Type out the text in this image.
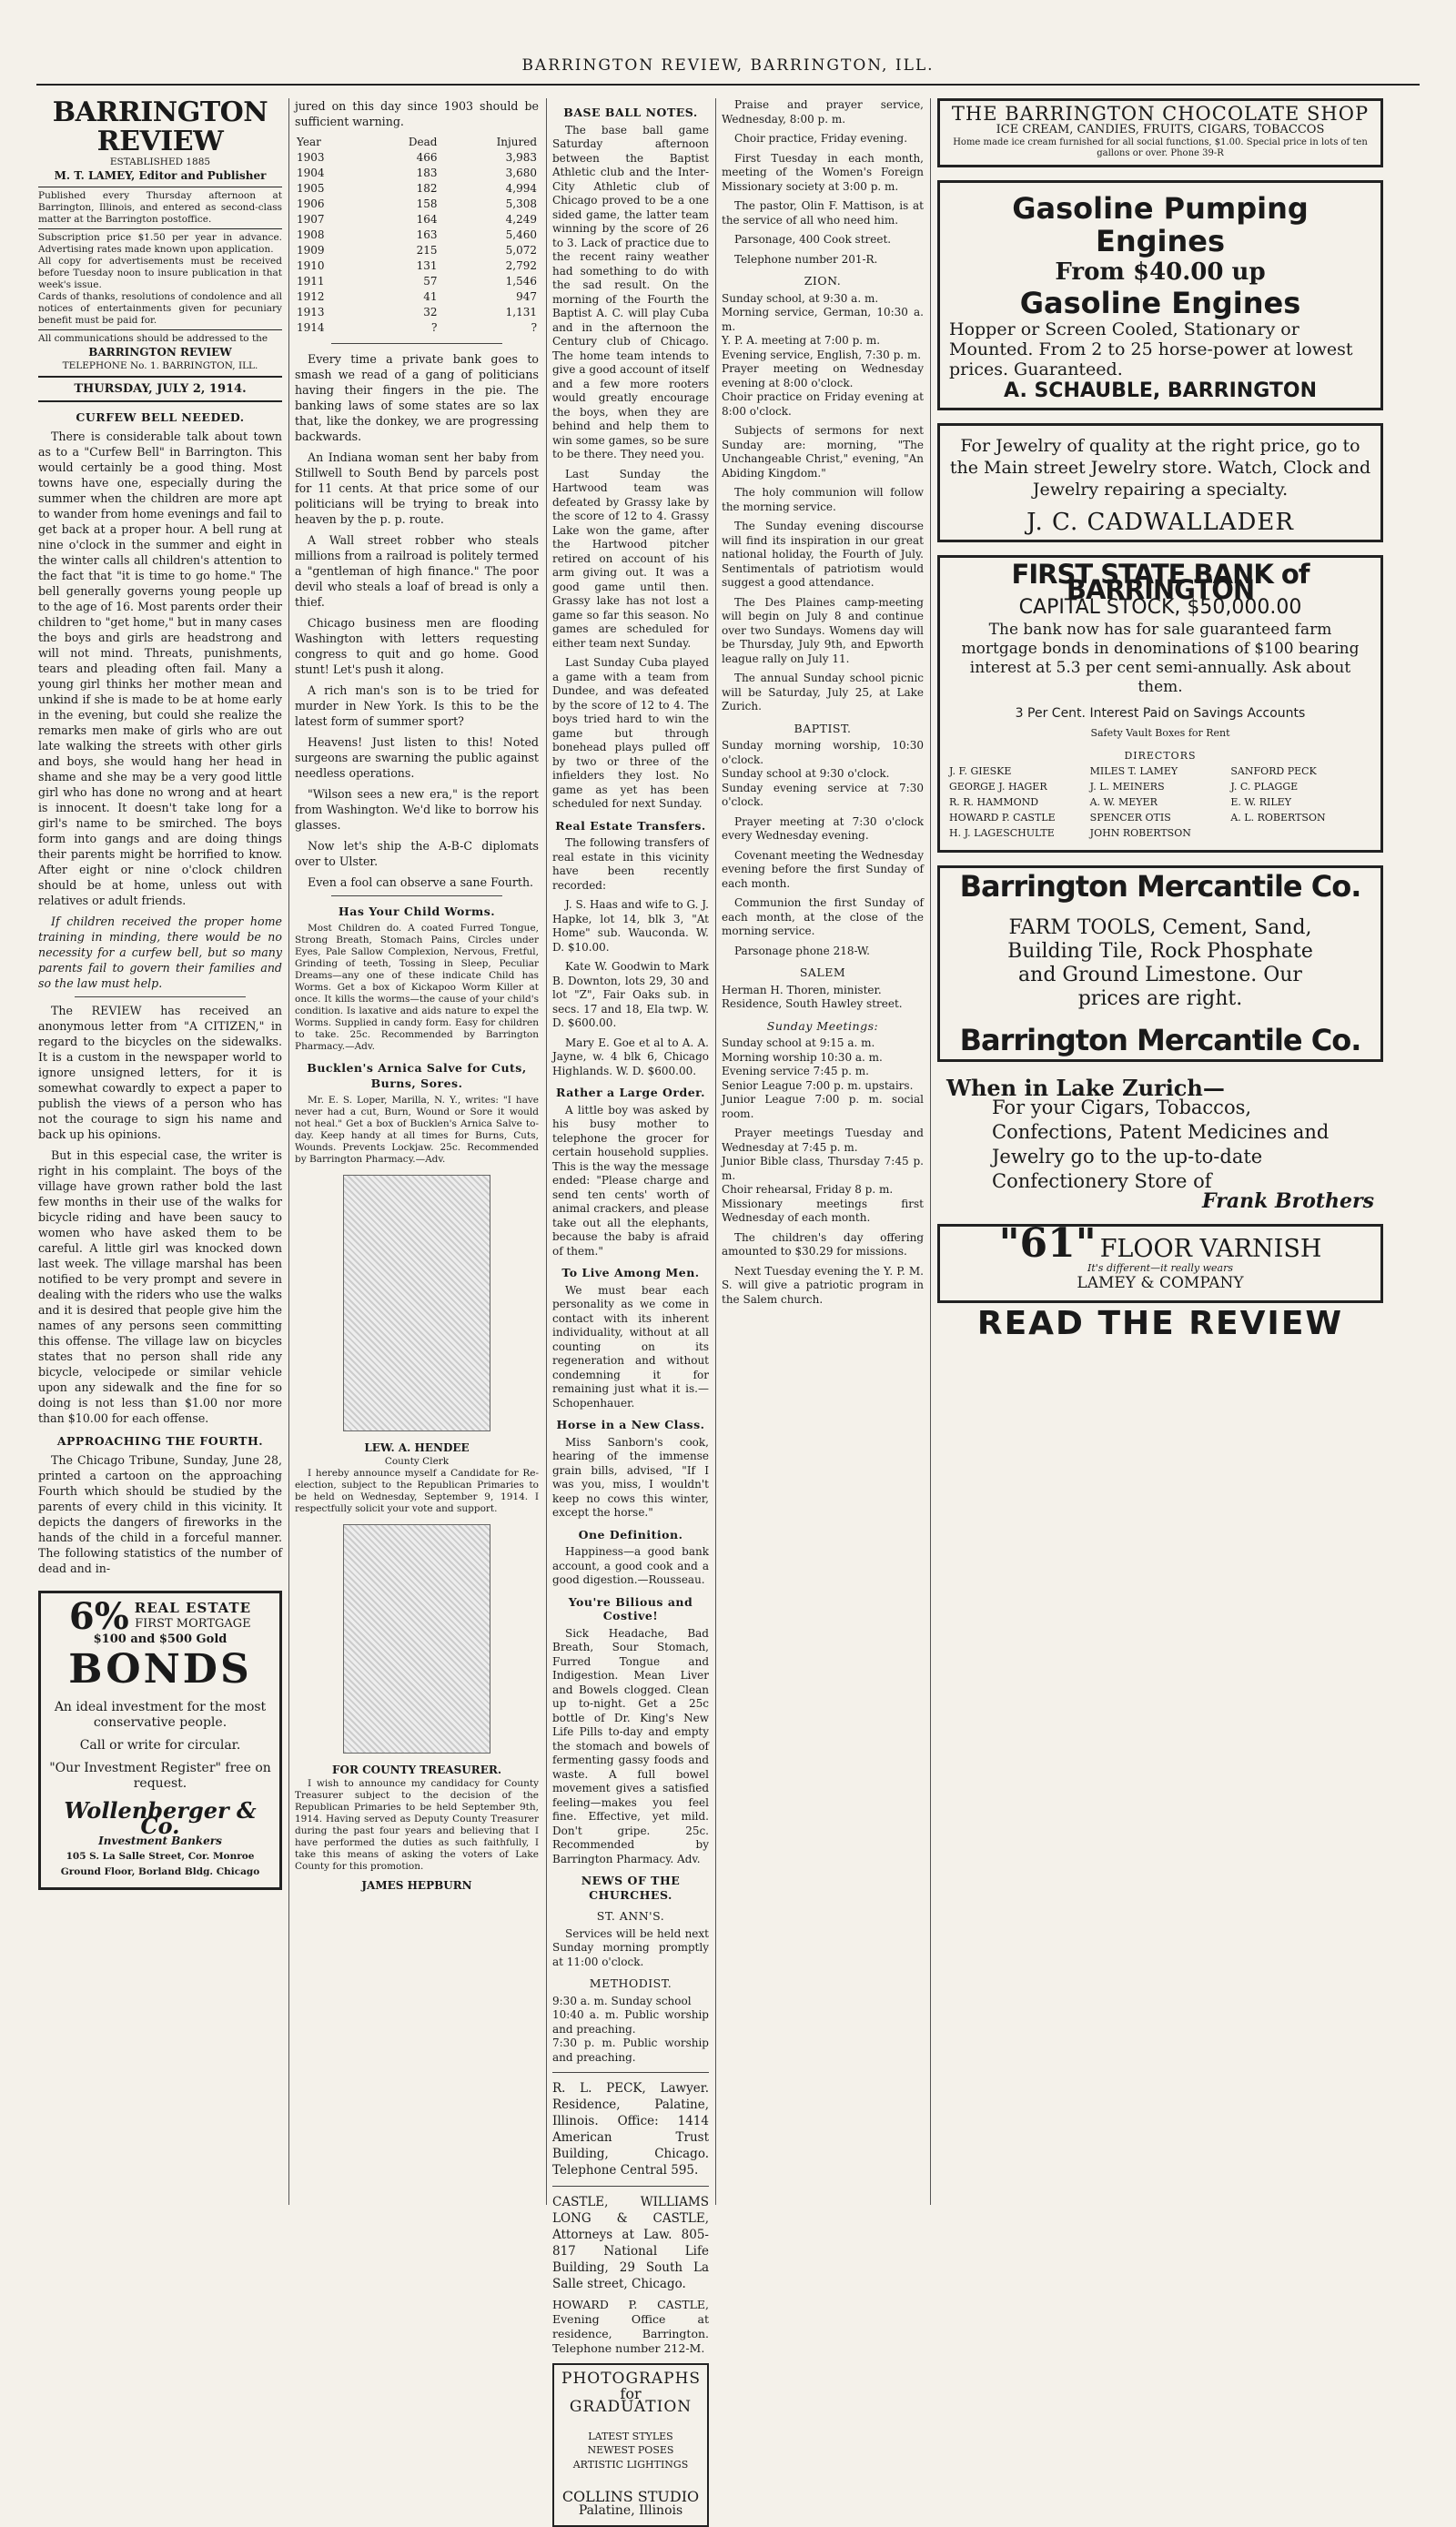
BARRINGTON REVIEW, BARRINGTON, ILL.
BARRINGTON REVIEW
ESTABLISHED 1885
M. T. LAMEY, Editor and Publisher
Published every Thursday afternoon at Barrington, Illinois, and entered as second-class matter at the Barrington postoffice.
Subscription price $1.50 per year in advance. Advertising rates made known upon application.
All copy for advertisements must be received before Tuesday noon to insure publication in that week's issue.
Cards of thanks, resolutions of condolence and all notices of entertainments given for pecuniary benefit must be paid for.
All communications should be addressed to the
BARRINGTON REVIEW
TELEPHONE No. 1. BARRINGTON, ILL.
THURSDAY, JULY 2, 1914.
CURFEW BELL NEEDED.

There is considerable talk about town as to a "Curfew Bell" in Barrington. This would certainly be a good thing. Most towns have one, especially during the summer when the children are more apt to wander from home evenings and fail to get back at a proper hour. A bell rung at nine o'clock in the summer and eight in the winter calls all children's attention to the fact that "it is time to go home." The bell generally governs young people up to the age of 16. Most parents order their children to "get home," but in many cases the boys and girls are headstrong and will not mind. Threats, punishments, tears and pleading often fail. Many a young girl thinks her mother mean and unkind if she is made to be at home early in the evening, but could she realize the remarks men make of girls who are out late walking the streets with other girls and boys, she would hang her head in shame and she may be a very good little girl who has done no wrong and at heart is innocent. It doesn't take long for a girl's name to be smirched. The boys form into gangs and are doing things their parents might be horrified to know. After eight or nine o'clock children should be at home, unless out with relatives or adult friends.

If children received the proper home training in minding, there would be no necessity for a curfew bell, but so many parents fail to govern their families and so the law must help.

The REVIEW has received an anonymous letter from "A CITIZEN," in regard to the bicycles on the sidewalks. It is a custom in the newspaper world to ignore unsigned letters, for it is somewhat cowardly to expect a paper to publish the views of a person who has not the courage to sign his name and back up his opinions.

But in this especial case, the writer is right in his complaint. The boys of the village have grown rather bold the last few months in their use of the walks for bicycle riding and have been saucy to women who have asked them to be careful. A little girl was knocked down last week. The village marshal has been notified to be very prompt and severe in dealing with the riders who use the walks and it is desired that people give him the names of any persons seen committing this offense. The village law on bicycles states that no person shall ride any bicycle, velocipede or similar vehicle upon any sidewalk and the fine for so doing is not less than $1.00 nor more than $10.00 for each offense.

APPROACHING THE FOURTH.

The Chicago Tribune, Sunday, June 28, printed a cartoon on the approaching Fourth which should be studied by the parents of every child in this vicinity. It depicts the dangers of fireworks in the hands of the child in a forceful manner. The following statistics of the number of dead and in-

6% REAL ESTATE
FIRST MORTGAGE
$100 and $500 Gold
BONDS
An ideal investment for the most conservative people.
Call or write for circular.
"Our Investment Register" free on request.
Wollenberger & Co.
Investment Bankers
105 S. La Salle Street, Cor. Monroe
Ground Floor, Borland Bldg. Chicago

jured on this day since 1903 should be sufficient warning.

Year	Dead	Injured
1903	466	3,983
1904	183	3,680
1905	182	4,994
1906	158	5,308
1907	164	4,249
1908	163	5,460
1909	215	5,072
1910	131	2,792
1911	57	1,546
1912	41	947
1913	32	1,131
1914	?	?

Every time a private bank goes to smash we read of a gang of politicians having their fingers in the pie. The banking laws of some states are so lax that, like the donkey, we are progressing backwards.

An Indiana woman sent her baby from Stillwell to South Bend by parcels post for 11 cents. At that price some of our politicians will be trying to break into heaven by the p. p. route.

A Wall street robber who steals millions from a railroad is politely termed a "gentleman of high finance." The poor devil who steals a loaf of bread is only a thief.

Chicago business men are flooding Washington with letters requesting congress to quit and go home. Good stunt! Let's push it along.

A rich man's son is to be tried for murder in New York. Is this to be the latest form of summer sport?

Heavens! Just listen to this! Noted surgeons are swarning the public against needless operations.

"Wilson sees a new era," is the report from Washington. We'd like to borrow his glasses.

Now let's ship the A-B-C diplomats over to Ulster.

Even a fool can observe a sane Fourth.

Has Your Child Worms.

Most Children do. A coated Furred Tongue, Strong Breath, Stomach Pains, Circles under Eyes, Pale Sallow Complexion, Nervous, Fretful, Grinding of teeth, Tossing in Sleep, Peculiar Dreams—any one of these indicate Child has Worms. Get a box of Kickapoo Worm Killer at once. It kills the worms—the cause of your child's condition. Is laxative and aids nature to expel the Worms. Supplied in candy form. Easy for children to take. 25c. Recommended by Barrington Pharmacy.—Adv.

Bucklen's Arnica Salve for Cuts, Burns, Sores.

Mr. E. S. Loper, Marilla, N. Y., writes: "I have never had a cut, Burn, Wound or Sore it would not heal." Get a box of Bucklen's Arnica Salve to-day. Keep handy at all times for Burns, Cuts, Wounds. Prevents Lockjaw. 25c. Recommended by Barrington Pharmacy.—Adv.

LEW. A. HENDEE
County Clerk

I hereby announce myself a Candidate for Re-election, subject to the Republican Primaries to be held on Wednesday, September 9, 1914. I respectfully solicit your vote and support.

FOR COUNTY TREASURER.

I wish to announce my candidacy for County Treasurer subject to the decision of the Republican Primaries to be held September 9th, 1914. Having served as Deputy County Treasurer during the past four years and believing that I have performed the duties as such faithfully, I take this means of asking the voters of Lake County for this promotion.

JAMES HEPBURN
BASE BALL NOTES.

The base ball game Saturday afternoon between the Baptist Athletic club and the Inter-City Athletic club of Chicago proved to be a one sided game, the latter team winning by the score of 26 to 3. Lack of practice due to the recent rainy weather had something to do with the sad result. On the morning of the Fourth the Baptist A. C. will play Cuba and in the afternoon the Century club of Chicago. The home team intends to give a good account of itself and a few more rooters would greatly encourage the boys, when they are behind and help them to win some games, so be sure to be there. They need you.

Last Sunday the Hartwood team was defeated by Grassy lake by the score of 12 to 4. Grassy Lake won the game, after the Hartwood pitcher retired on account of his arm giving out. It was a good game until then. Grassy lake has not lost a game so far this season. No games are scheduled for either team next Sunday.

Last Sunday Cuba played a game with a team from Dundee, and was defeated by the score of 12 to 4. The boys tried hard to win the game but through bonehead plays pulled off by two or three of the infielders they lost. No game as yet has been scheduled for next Sunday.

Real Estate Transfers.

The following transfers of real estate in this vicinity have been recently recorded:

J. S. Haas and wife to G. J. Hapke, lot 14, blk 3, "At Home" sub. Wauconda. W. D. $10.00.

Kate W. Goodwin to Mark B. Downton, lots 29, 30 and lot "Z", Fair Oaks sub. in secs. 17 and 18, Ela twp. W. D. $600.00.

Mary E. Goe et al to A. A. Jayne, w. 4 blk 6, Chicago Highlands. W. D. $600.00.

Rather a Large Order.

A little boy was asked by his busy mother to telephone the grocer for certain household supplies. This is the way the message ended: "Please charge and send ten cents' worth of animal crackers, and please take out all the elephants, because the baby is afraid of them."

To Live Among Men.

We must bear each personality as we come in contact with its inherent individuality, without at all counting on its regeneration and without condemning it for remaining just what it is.—Schopenhauer.

Horse in a New Class.

Miss Sanborn's cook, hearing of the immense grain bills, advised, "If I was you, miss, I wouldn't keep no cows this winter, except the horse."

One Definition.

Happiness—a good bank account, a good cook and a good digestion.—Rousseau.

You're Bilious and Costive!

Sick Headache, Bad Breath, Sour Stomach, Furred Tongue and Indigestion. Mean Liver and Bowels clogged. Clean up to-night. Get a 25c bottle of Dr. King's New Life Pills to-day and empty the stomach and bowels of fermenting gassy foods and waste. A full bowel movement gives a satisfied feeling—makes you feel fine. Effective, yet mild. Don't gripe. 25c. Recommended by Barrington Pharmacy. Adv.

NEWS OF THE CHURCHES.
ST. ANN'S.

Services will be held next Sunday morning promptly at 11:00 o'clock.

METHODIST.

9:30 a. m. Sunday school
10:40 a. m. Public worship and preaching.
7:30 p. m. Public worship and preaching.

R. L. PECK, Lawyer. Residence, Palatine, Illinois. Office: 1414 American Trust Building, Chicago. Telephone Central 595.

CASTLE, WILLIAMS LONG & CASTLE, Attorneys at Law. 805-817 National Life Building, 29 South La Salle street, Chicago.

HOWARD P. CASTLE, Evening Office at residence, Barrington. Telephone number 212-M.

PHOTOGRAPHS
for
GRADUATION
LATEST STYLES
NEWEST POSES
ARTISTIC LIGHTINGS
COLLINS STUDIO
Palatine, Illinois

Praise and prayer service, Wednesday, 8:00 p. m.

Choir practice, Friday evening.

First Tuesday in each month, meeting of the Women's Foreign Missionary society at 3:00 p. m.

The pastor, Olin F. Mattison, is at the service of all who need him.

Parsonage, 400 Cook street.

Telephone number 201-R.

ZION.

Sunday school, at 9:30 a. m.
Morning service, German, 10:30 a. m.
Y. P. A. meeting at 7:00 p. m.
Evening service, English, 7:30 p. m.
Prayer meeting on Wednesday evening at 8:00 o'clock.
Choir practice on Friday evening at 8:00 o'clock.

Subjects of sermons for next Sunday are: morning, "The Unchangeable Christ," evening, "An Abiding Kingdom."

The holy communion will follow the morning service.

The Sunday evening discourse will find its inspiration in our great national holiday, the Fourth of July. Sentimentals of patriotism would suggest a good attendance.

The Des Plaines camp-meeting will begin on July 8 and continue over two Sundays. Womens day will be Thursday, July 9th, and Epworth league rally on July 11.

The annual Sunday school picnic will be Saturday, July 25, at Lake Zurich.

BAPTIST.

Sunday morning worship, 10:30 o'clock.
Sunday school at 9:30 o'clock.
Sunday evening service at 7:30 o'clock.

Prayer meeting at 7:30 o'clock every Wednesday evening.

Covenant meeting the Wednesday evening before the first Sunday of each month.

Communion the first Sunday of each month, at the close of the morning service.

Parsonage phone 218-W.

SALEM

Herman H. Thoren, minister.
Residence, South Hawley street.

Sunday Meetings:

Sunday school at 9:15 a. m.
Morning worship 10:30 a. m.
Evening service 7:45 p. m.
Senior League 7:00 p. m. upstairs.
Junior League 7:00 p. m. social room.

Prayer meetings Tuesday and Wednesday at 7:45 p. m.
Junior Bible class, Thursday 7:45 p. m.
Choir rehearsal, Friday 8 p. m.
Missionary meetings first Wednesday of each month.

The children's day offering amounted to $30.29 for missions.

Next Tuesday evening the Y. P. M. S. will give a patriotic program in the Salem church.

THE BARRINGTON CHOCOLATE SHOP
ICE CREAM, CANDIES, FRUITS, CIGARS, TOBACCOS
Home made ice cream furnished for all social functions, $1.00. Special price in lots of ten gallons or over. Phone 39-R
Gasoline Pumping Engines
From $40.00 up
Gasoline Engines
Hopper or Screen Cooled, Stationary or Mounted. From 2 to 25 horse-power at lowest prices. Guaranteed.
A. SCHAUBLE, BARRINGTON
For Jewelry of quality at the right price, go to the Main street Jewelry store. Watch, Clock and Jewelry repairing a specialty.
J. C. CADWALLADER
FIRST STATE BANK of BARRINGTON
CAPITAL STOCK, $50,000.00
The bank now has for sale guaranteed farm mortgage bonds in denominations of $100 bearing interest at 5.3 per cent semi-annually. Ask about them.
3 Per Cent. Interest Paid on Savings Accounts
Safety Vault Boxes for Rent
DIRECTORS
J. F. GIESKE	MILES T. LAMEY	SANFORD PECK
GEORGE J. HAGER	J. L. MEINERS	J. C. PLAGGE
R. R. HAMMOND	A. W. MEYER	E. W. RILEY
HOWARD P. CASTLE	SPENCER OTIS	A. L. ROBERTSON
H. J. LAGESCHULTE	JOHN ROBERTSON
Barrington Mercantile Co.
FARM TOOLS, Cement, Sand, Building Tile, Rock Phosphate and Ground Limestone. Our prices are right.
Barrington Mercantile Co.
When in Lake Zurich—
For your Cigars, Tobaccos, Confections, Patent Medicines and Jewelry go to the up-to-date Confectionery Store of
Frank Brothers
"61" FLOOR VARNISH
It's different—it really wears
LAMEY & COMPANY
READ THE REVIEW
